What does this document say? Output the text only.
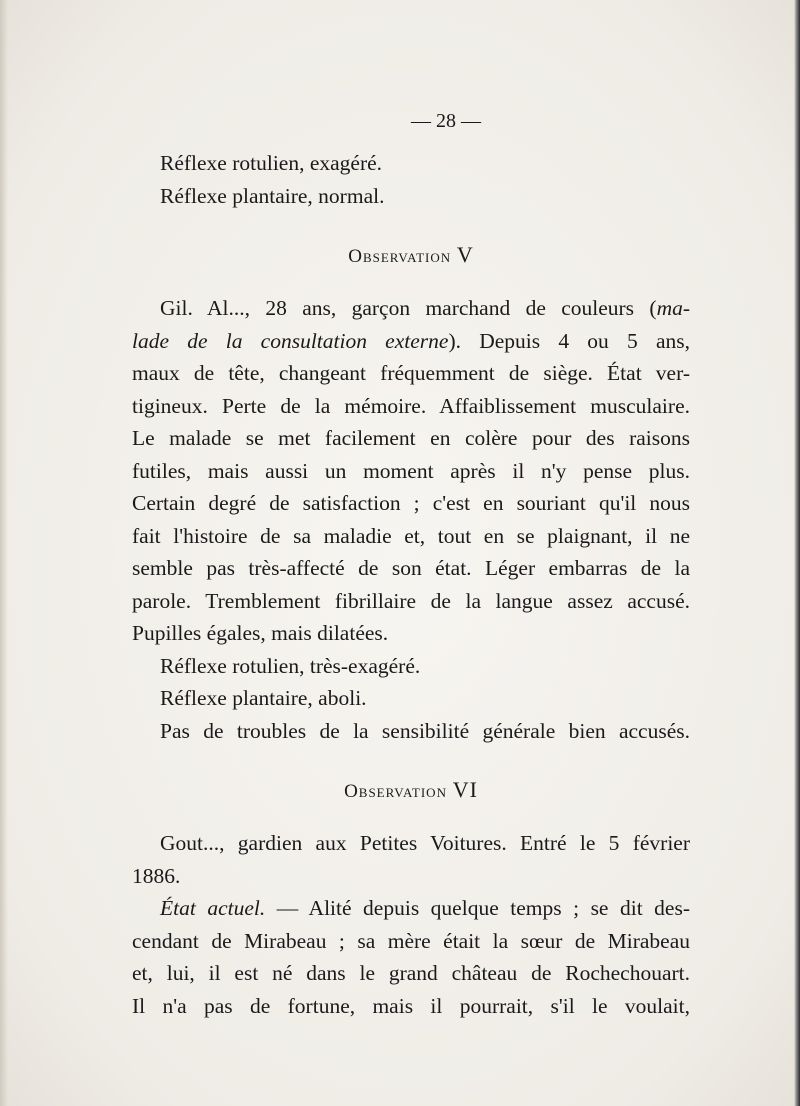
— 28 —
Réflexe rotulien, exagéré.
Réflexe plantaire, normal.
Observation V
Gil. Al..., 28 ans, garçon marchand de couleurs (ma-
lade de la consultation externe). Depuis 4 ou 5 ans,
maux de tête, changeant fréquemment de siège. État ver-
tigineux. Perte de la mémoire. Affaiblissement musculaire.
Le malade se met facilement en colère pour des raisons
futiles, mais aussi un moment après il n'y pense plus.
Certain degré de satisfaction ; c'est en souriant qu'il nous
fait l'histoire de sa maladie et, tout en se plaignant, il ne
semble pas très-affecté de son état. Léger embarras de la
parole. Tremblement fibrillaire de la langue assez accusé.
Pupilles égales, mais dilatées.
Réflexe rotulien, très-exagéré.
Réflexe plantaire, aboli.
Pas de troubles de la sensibilité générale bien accusés.
Observation VI
Gout..., gardien aux Petites Voitures. Entré le 5 février
1886.
État actuel. — Alité depuis quelque temps ; se dit des-
cendant de Mirabeau ; sa mère était la sœur de Mirabeau
et, lui, il est né dans le grand château de Rochechouart.
Il n'a pas de fortune, mais il pourrait, s'il le voulait,
